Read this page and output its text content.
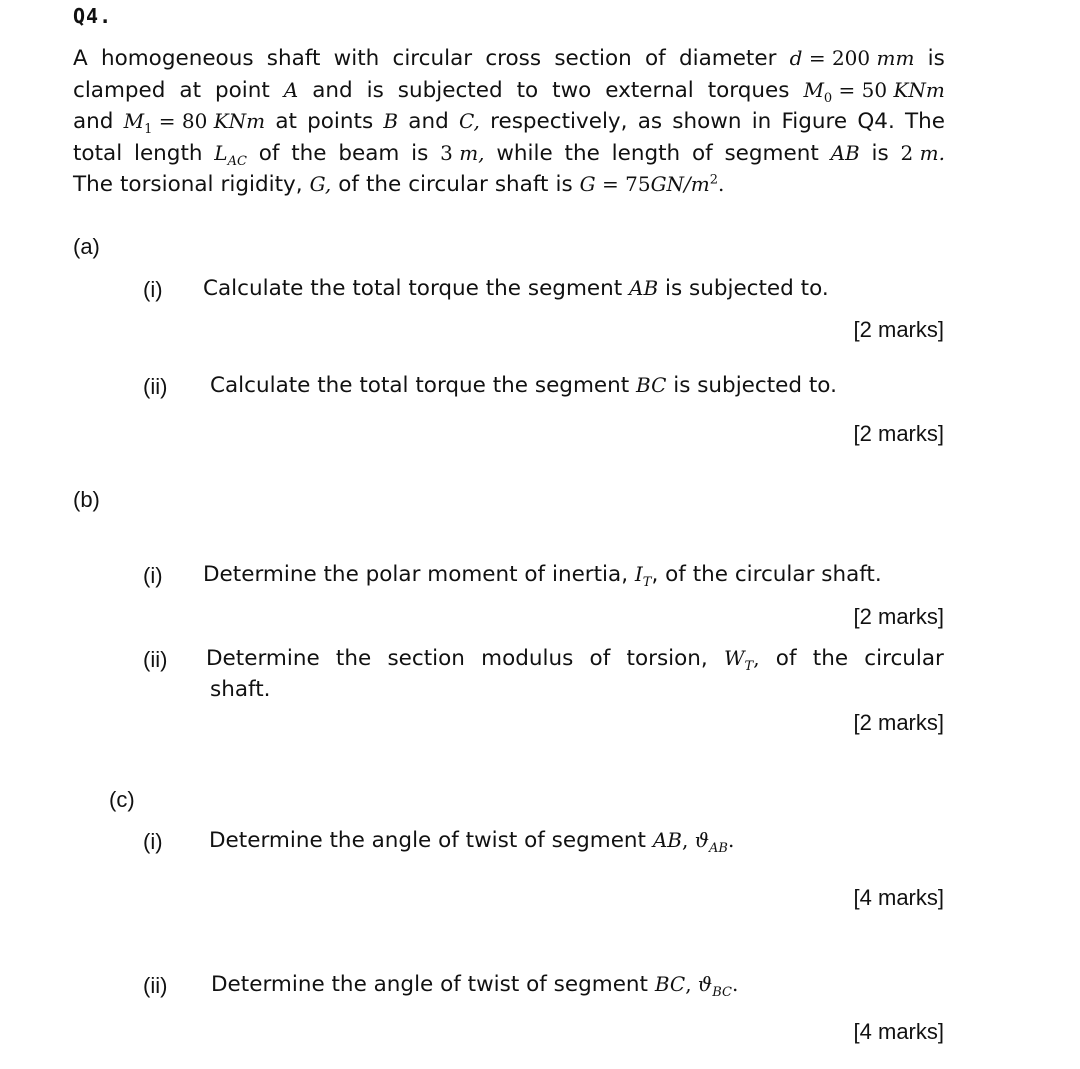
Q4.
A homogeneous shaft with circular cross section of diameter d = 200 mm is
clamped at point A and is subjected to two external torques $M_0 = 50$ KNm
and $M_1 = 80$ KNm at points B and C, respectively, as shown in Figure Q4. The
total length $L_{AC}$ of the beam is 3 m, while the length of segment AB is 2 m.
The torsional rigidity, G, of the circular shaft is $G = 75GN/m^2$.
(a)
(i) Calculate the total torque the segment AB is subjected to.
[2 marks]
(ii) Calculate the total torque the segment BC is subjected to.
[2 marks]
(b)
(i) Determine the polar moment of inertia, $I_T$, of the circular shaft.
[2 marks]
(ii) Determine the section modulus of torsion, $W_T$, of the circular
shaft.
[2 marks]
(c)
(i) Determine the angle of twist of segment AB, $ϑ_{AB}$.
[4 marks]
(ii) Determine the angle of twist of segment BC, $ϑ_{BC}$.
[4 marks]
